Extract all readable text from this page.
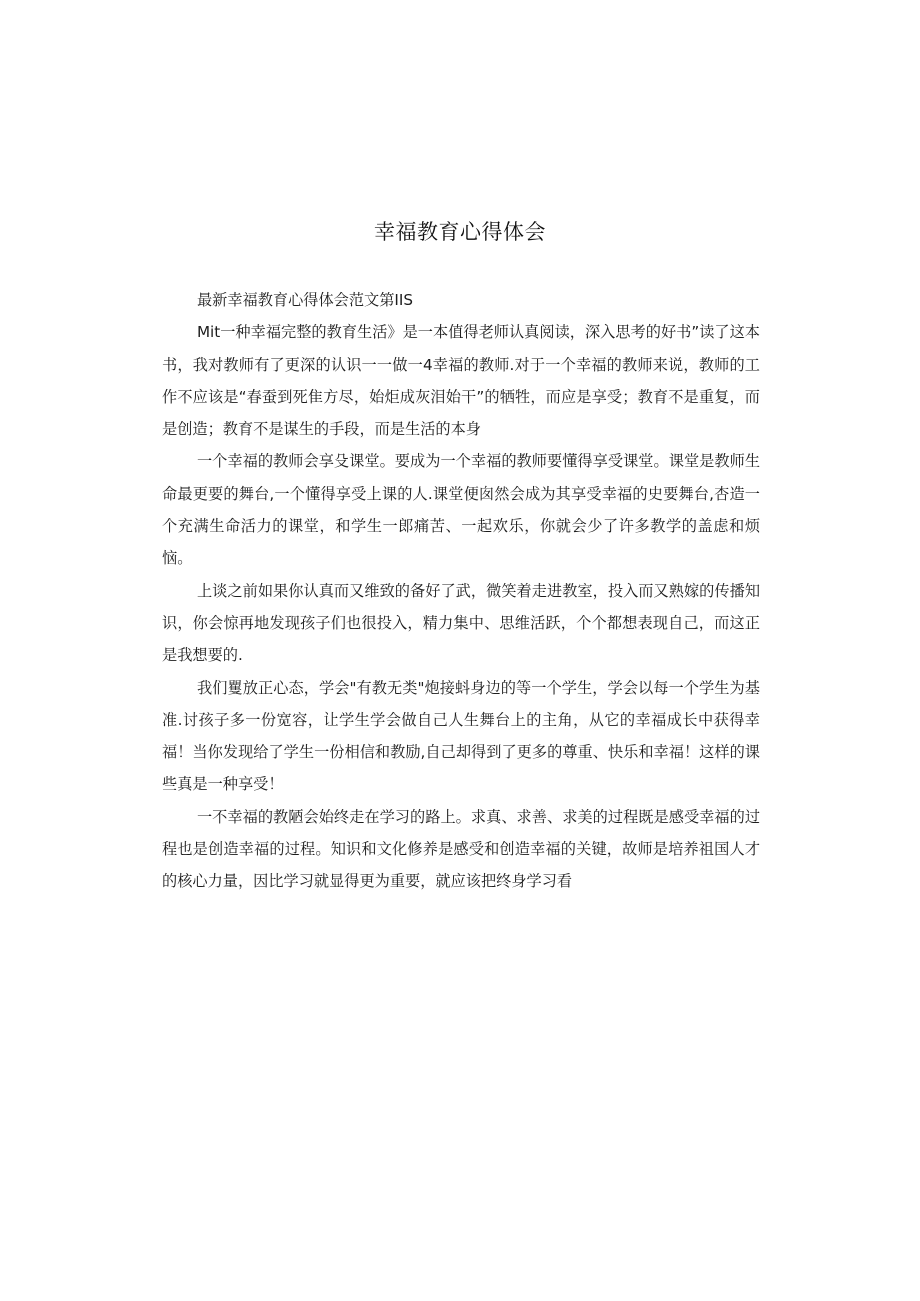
幸福教育心得体会

最新幸福教育心得体会范文第IIS

Mit一种幸福完整的教育生活》是一本值得老师认真阅读，深入思考的好书”读了这本书，我对教师有了更深的认识一一做一4幸福的教师.对于一个幸福的教师来说，教师的工作不应该是“春蚕到死隹方尽，始炬成灰泪始干”的牺牲，而应是享受；教育不是重复，而是创造；教育不是谋生的手段，而是生活的本身

一个幸福的教师会享殳课堂。要成为一个幸福的教师要懂得享受课堂。课堂是教师生命最更要的舞台,一个懂得享受上课的人.课堂便囱然会成为其享受幸福的史要舞台,杏造一个充满生命活力的课堂，和学生一郎痛苦、一起欢乐，你就会少了许多教学的盖虑和烦恼。

上谈之前如果你认真而又维致的备好了武，微笑着走进教室，投入而又熟嫁的传播知识，你会惊再地发现孩子们也很投入，精力集中、思维活跃，个个都想表现自己，而这正是我想要的.

我们矍放正心态，学会"有教无类"炮接蚪身边的等一个学生，学会以每一个学生为基准.讨孩子多一份宽容，让学生学会做自己人生舞台上的主角，从它的幸福成长中获得幸福！当你发现给了学生一份相信和教励,自己却得到了更多的尊重、快乐和幸福！这样的课些真是一种享受！

一不幸福的教陋会始终走在学习的路上。求真、求善、求美的过程既是感受幸福的过程也是创造幸福的过程。知识和文化修养是感受和创造幸福的关键，故师是培养祖国人才的核心力量，因比学习就显得更为重要，就应该把终身学习看
